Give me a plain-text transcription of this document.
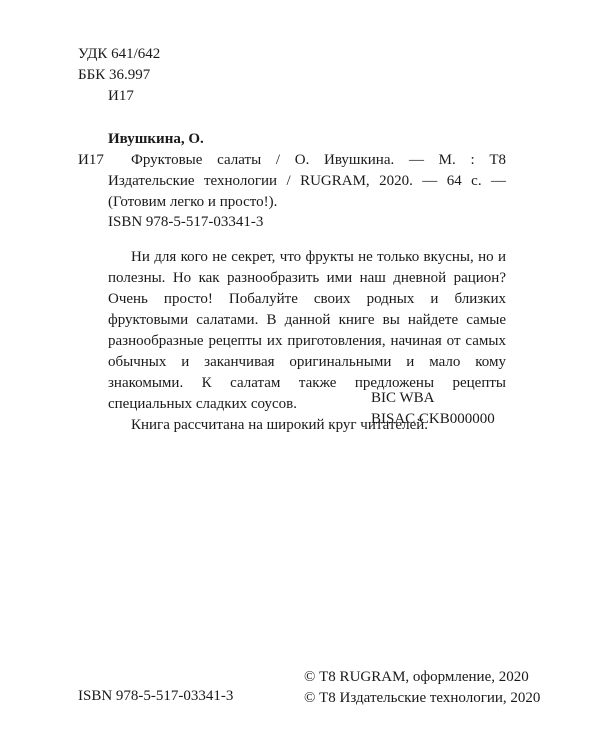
УДК 641/642
ББК 36.997
И17
Ивушкина, О.
И17	Фруктовые салаты / О. Ивушкина. — М. : Т8 Издательские технологии / RUGRAM, 2020. — 64 с. — (Готовим легко и просто!).

ISBN 978-5-517-03341-3

Ни для кого не секрет, что фрукты не только вкусны, но и полезны. Но как разнообразить ими наш дневной рацион? Очень просто! Побалуйте своих родных и близких фруктовыми салатами. В данной книге вы найдете самые разнообразные рецепты их приготовления, начиная от самых обычных и заканчивая оригинальными и мало кому знакомыми. К салатам также предложены рецепты специальных сладких соусов.

Книга рассчитана на широкий круг читателей.

BIC WBA
BISAC CKB000000
ISBN 978-5-517-03341-3
© Т8 RUGRAM, оформление, 2020
© Т8 Издательские технологии, 2020
